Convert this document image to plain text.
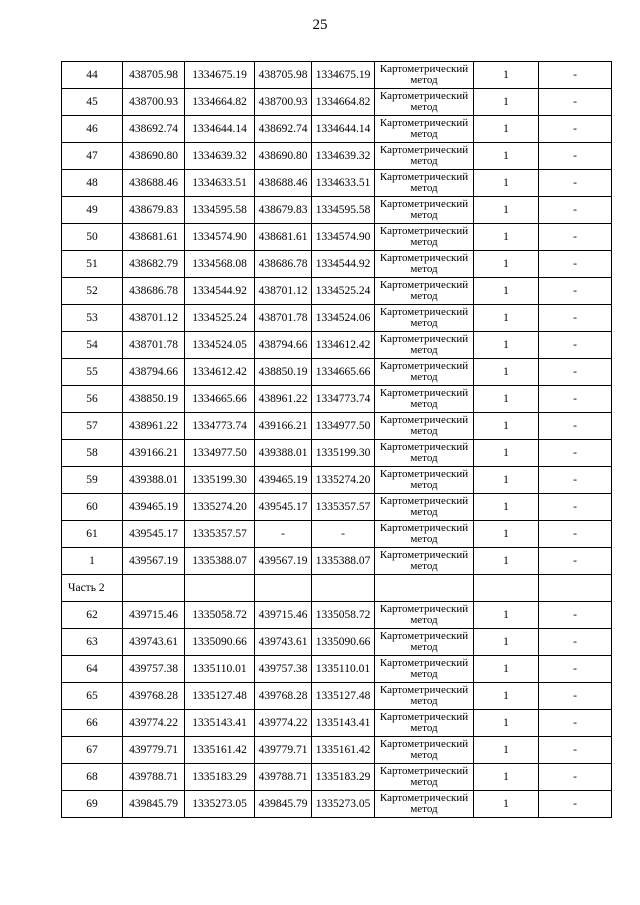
25
44	438705.98	1334675.19	438705.98	1334675.19	Картометрический метод	1	-
45	438700.93	1334664.82	438700.93	1334664.82	Картометрический метод	1	-
46	438692.74	1334644.14	438692.74	1334644.14	Картометрический метод	1	-
47	438690.80	1334639.32	438690.80	1334639.32	Картометрический метод	1	-
48	438688.46	1334633.51	438688.46	1334633.51	Картометрический метод	1	-
49	438679.83	1334595.58	438679.83	1334595.58	Картометрический метод	1	-
50	438681.61	1334574.90	438681.61	1334574.90	Картометрический метод	1	-
51	438682.79	1334568.08	438686.78	1334544.92	Картометрический метод	1	-
52	438686.78	1334544.92	438701.12	1334525.24	Картометрический метод	1	-
53	438701.12	1334525.24	438701.78	1334524.06	Картометрический метод	1	-
54	438701.78	1334524.05	438794.66	1334612.42	Картометрический метод	1	-
55	438794.66	1334612.42	438850.19	1334665.66	Картометрический метод	1	-
56	438850.19	1334665.66	438961.22	1334773.74	Картометрический метод	1	-
57	438961.22	1334773.74	439166.21	1334977.50	Картометрический метод	1	-
58	439166.21	1334977.50	439388.01	1335199.30	Картометрический метод	1	-
59	439388.01	1335199.30	439465.19	1335274.20	Картометрический метод	1	-
60	439465.19	1335274.20	439545.17	1335357.57	Картометрический метод	1	-
61	439545.17	1335357.57	-	-	Картометрический метод	1	-
1	439567.19	1335388.07	439567.19	1335388.07	Картометрический метод	1	-
Часть 2							
62	439715.46	1335058.72	439715.46	1335058.72	Картометрический метод	1	-
63	439743.61	1335090.66	439743.61	1335090.66	Картометрический метод	1	-
64	439757.38	1335110.01	439757.38	1335110.01	Картометрический метод	1	-
65	439768.28	1335127.48	439768.28	1335127.48	Картометрический метод	1	-
66	439774.22	1335143.41	439774.22	1335143.41	Картометрический метод	1	-
67	439779.71	1335161.42	439779.71	1335161.42	Картометрический метод	1	-
68	439788.71	1335183.29	439788.71	1335183.29	Картометрический метод	1	-
69	439845.79	1335273.05	439845.79	1335273.05	Картометрический метод	1	-
